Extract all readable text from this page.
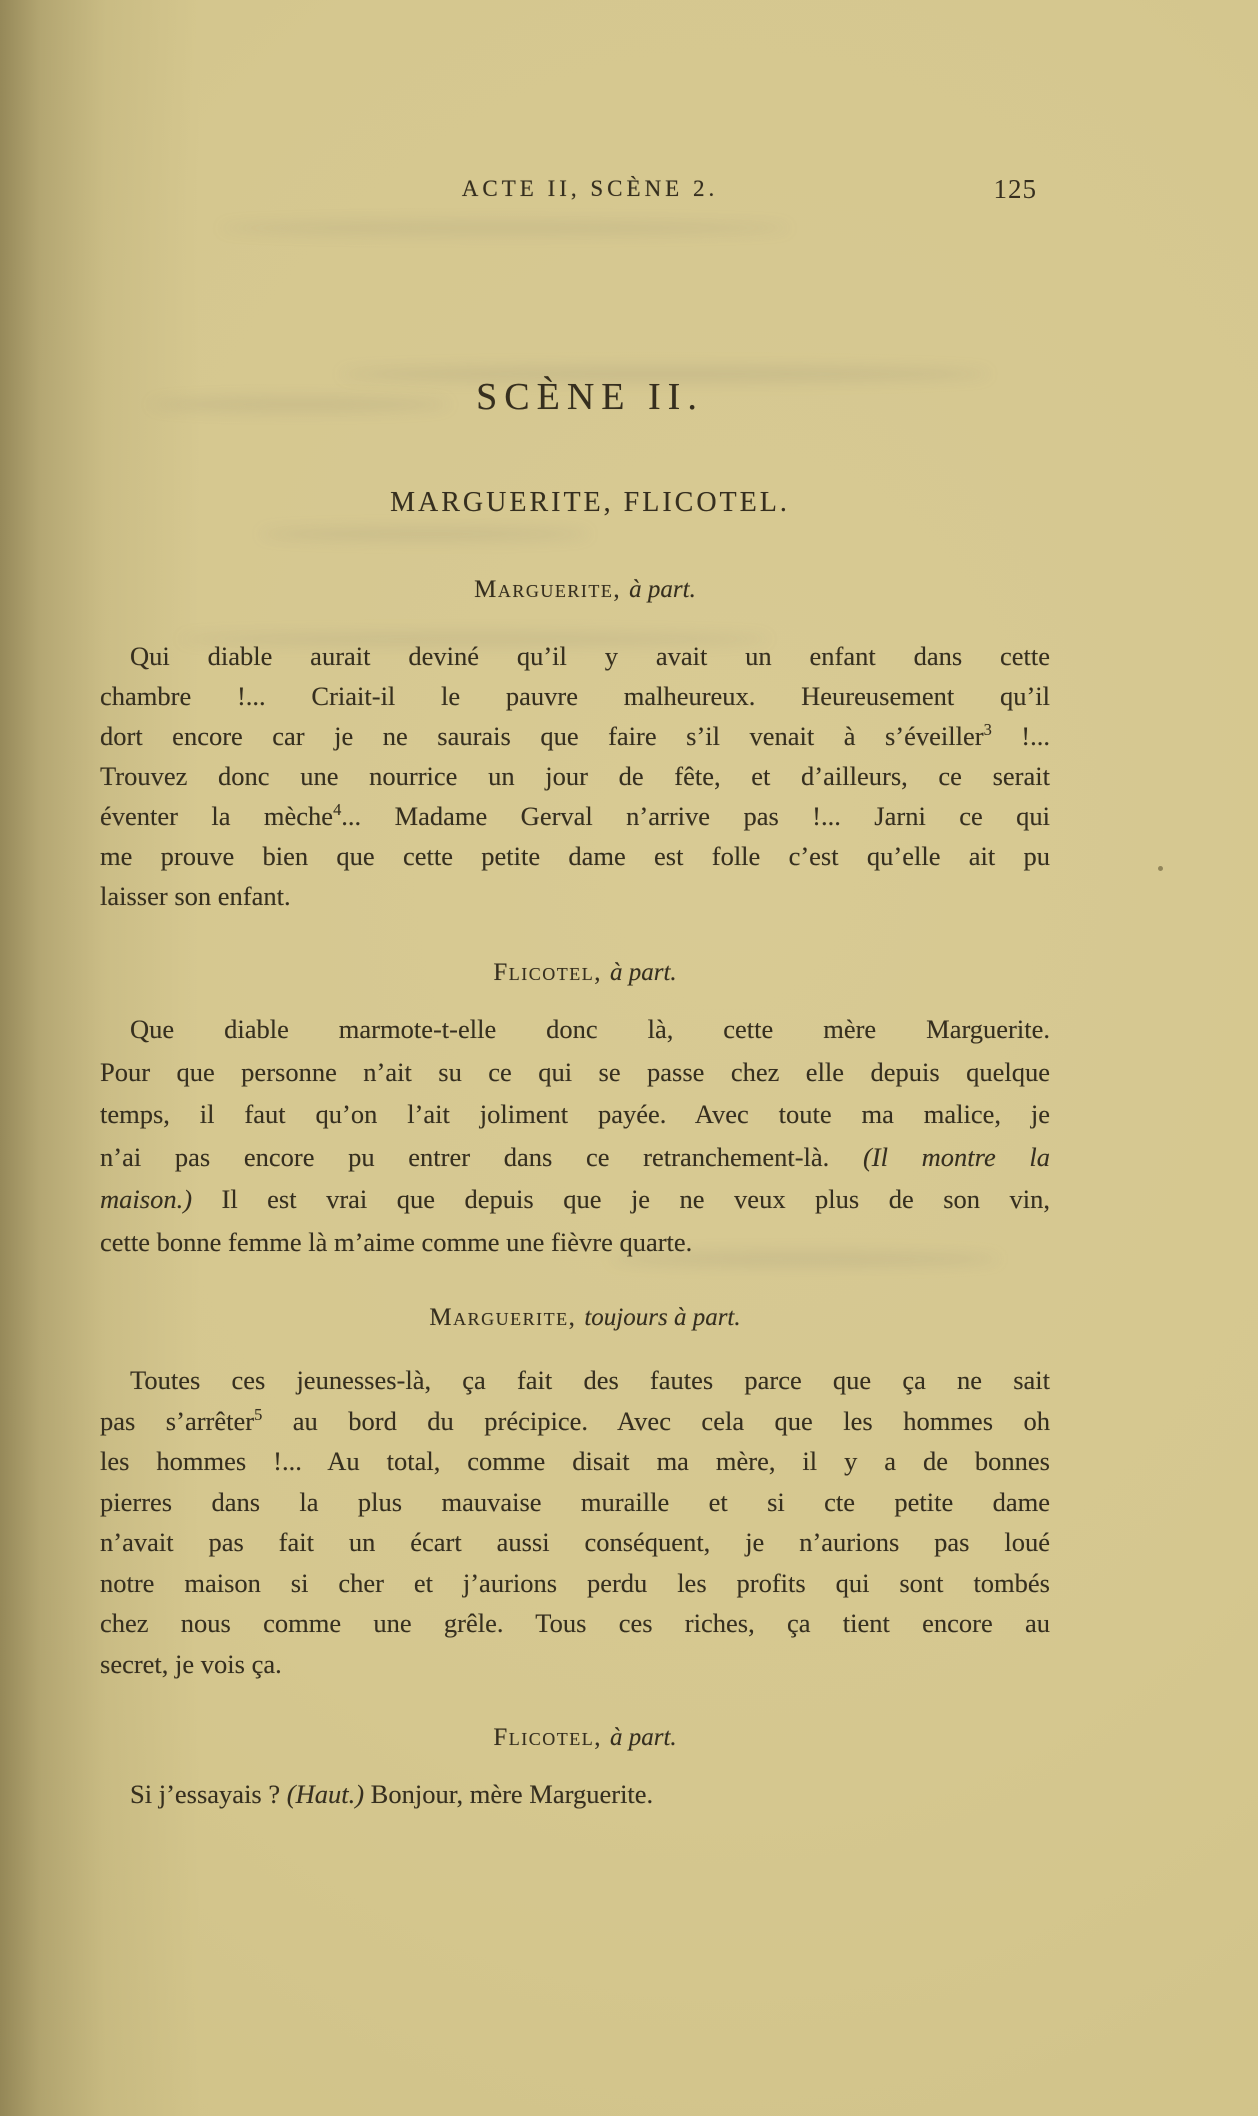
ACTE II, SCÈNE 2.	125
SCÈNE II.
MARGUERITE, FLICOTEL.
Marguerite, à part.
Qui diable aurait deviné qu’il y avait un enfant dans cette
chambre !... Criait-il le pauvre malheureux. Heureusement qu’il
dort encore car je ne saurais que faire s’il venait à s’éveiller$^3$ !...
Trouvez donc une nourrice un jour de fête, et d’ailleurs, ce serait
éventer la mèche$^4$... Madame Gerval n’arrive pas !... Jarni ce qui
me prouve bien que cette petite dame est folle c’est qu’elle ait pu
laisser son enfant.
Flicotel, à part.
Que diable marmote-t-elle donc là, cette mère Marguerite.
Pour que personne n’ait su ce qui se passe chez elle depuis quelque
temps, il faut qu’on l’ait joliment payée. Avec toute ma malice, je
n’ai pas encore pu entrer dans ce retranchement-là. (Il montre la
maison.) Il est vrai que depuis que je ne veux plus de son vin,
cette bonne femme là m’aime comme une fièvre quarte.
Marguerite, toujours à part.
Toutes ces jeunesses-là, ça fait des fautes parce que ça ne sait
pas s’arrêter$^5$ au bord du précipice. Avec cela que les hommes oh
les hommes !... Au total, comme disait ma mère, il y a de bonnes
pierres dans la plus mauvaise muraille et si cte petite dame
n’avait pas fait un écart aussi conséquent, je n’aurions pas loué
notre maison si cher et j’aurions perdu les profits qui sont tombés
chez nous comme une grêle. Tous ces riches, ça tient encore au
secret, je vois ça.
Flicotel, à part.
Si j’essayais ? (Haut.) Bonjour, mère Marguerite.
